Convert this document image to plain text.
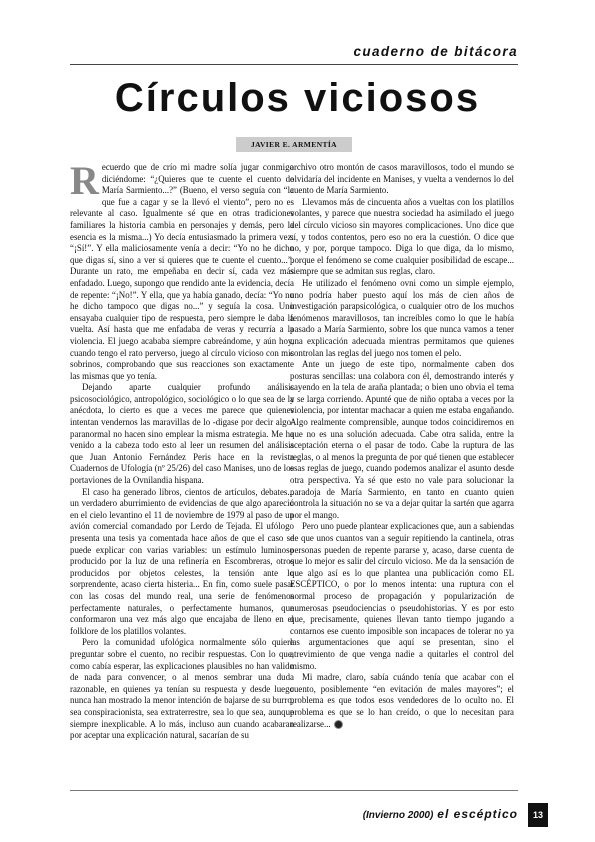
cuaderno de bitácora
Círculos viciosos
JAVIER E. ARMENTÍA

Recuerdo que de crío mi madre solía jugar conmigo diciéndome: “¿Quieres que te cuente el cuento de María Sarmiento...?” (Bueno, el verso seguía con “la que fue a cagar y se la llevó el viento”, pero no es relevante al caso. Igualmente sé que en otras tradiciones familiares la historia cambia en personajes y demás, pero la esencia es la misma...) Yo decía entusiasmado la primera vez: “¡Sí!”. Y ella maliciosamente venía a decir: “Yo no he dicho que digas sí, sino a ver si quieres que te cuente el cuento...”. Durante un rato, me empeñaba en decir sí, cada vez más enfadado. Luego, supongo que rendido ante la evidencia, decía de repente: “¡No!”. Y ella, que ya había ganado, decía: “Yo no he dicho tampoco que digas no...” y seguía la cosa. Uno ensayaba cualquier tipo de respuesta, pero siempre le daba la vuelta. Así hasta que me enfadaba de veras y recurría a la violencia. El juego acababa siempre cabreándome, y aún hoy, cuando tengo el rato perverso, juego al círculo vicioso con mis sobrinos, comprobando que sus reacciones son exactamente las mismas que yo tenía.

Dejando aparte cualquier profundo análisis psicosociológico, antropológico, sociológico o lo que sea de la anécdota, lo cierto es que a veces me parece que quienes intentan vendernos las maravillas de lo -digase por decir algo- paranormal no hacen sino emplear la misma estrategia. Me ha venido a la cabeza todo esto al leer un resumen del análisis que Juan Antonio Fernández Peris hace en la revista Cuadernos de Ufología (nº 25/26) del caso Manises, uno de los portaviones de la Ovnilandia hispana.

El caso ha generado libros, cientos de artículos, debates... un verdadero aburrimiento de evidencias de que algo apareció en el cielo levantino el 11 de noviembre de 1979 al paso de un avión comercial comandado por Lerdo de Tejada. El ufólogo presenta una tesis ya comentada hace años de que el caso se puede explicar con varias variables: un estímulo luminoso producido por la luz de una refinería en Escombreras, otros producidos por objetos celestes, la tensión ante lo sorprendente, acaso cierta histeria... En fin, como suele pasar con las cosas del mundo real, una serie de fenómenos perfectamente naturales, o perfectamente humanos, que conformaron una vez más algo que encajaba de lleno en el folklore de los platillos volantes.

Pero la comunidad ufológica normalmente sólo quiere preguntar sobre el cuento, no recibir respuestas. Con lo que, como cabía esperar, las explicaciones plausibles no han valido de nada para convencer, o al menos sembrar una duda razonable, en quienes ya tenían su respuesta y desde luego nunca han mostrado la menor intención de bajarse de su burro, sea conspiracionista, sea extraterrestre, sea lo que sea, aunque siempre inexplicable. A lo más, incluso aun cuando acabaran por aceptar una explicación natural, sacarían de su

archivo otro montón de casos maravillosos, todo el mundo se olvidaría del incidente en Manises, y vuelta a vendernos lo del cuento de María Sarmiento.

Llevamos más de cincuenta años a vueltas con los platillos volantes, y parece que nuestra sociedad ha asimilado el juego del círculo vicioso sin mayores complicaciones. Uno dice que sí, y todos contentos, pero eso no era la cuestión. O dice que no, y por, porque tampoco. Diga lo que diga, da lo mismo, porque el fenómeno se come cualquier posibilidad de escape... siempre que se admitan sus reglas, claro.

He utilizado el fenómeno ovni como un simple ejemplo, uno podría haber puesto aquí los más de cien años de investigación parapsicológica, o cualquier otro de los muchos fenómenos maravillosos, tan increíbles como lo que le había pasado a María Sarmiento, sobre los que nunca vamos a tener una explicación adecuada mientras permitamos que quienes controlan las reglas del juego nos tomen el pelo.

Ante un juego de este tipo, normalmente caben dos posturas sencillas: una colabora con él, demostrando interés y cayendo en la tela de araña plantada; o bien uno obvia el tema y se larga corriendo. Apunté que de niño optaba a veces por la violencia, por intentar machacar a quien me estaba engañando. Algo realmente comprensible, aunque todos coincidiremos en que no es una solución adecuada. Cabe otra salida, entre la aceptación eterna o el pasar de todo. Cabe la ruptura de las reglas, o al menos la pregunta de por qué tienen que establecer esas reglas de juego, cuando podemos analizar el asunto desde otra perspectiva. Ya sé que esto no vale para solucionar la paradoja de María Sarmiento, en tanto en cuanto quien controla la situación no se va a dejar quitar la sartén que agarra por el mango.

Pero uno puede plantear explicaciones que, aun a sabiendas de que unos cuantos van a seguir repitiendo la cantinela, otras personas pueden de repente pararse y, acaso, darse cuenta de que lo mejor es salir del círculo vicioso. Me da la sensación de que algo así es lo que plantea una publicación como EL ESCÉPTICO, o por lo menos intenta: una ruptura con el normal proceso de propagación y popularización de numerosas pseudociencias o pseudohistorias. Y es por esto que, precisamente, quienes llevan tanto tiempo jugando a contarnos ese cuento imposible son incapaces de tolerar no ya las argumentaciones que aquí se presentan, sino el atrevimiento de que venga nadie a quitarles el control del mismo.

Mi madre, claro, sabía cuándo tenía que acabar con el cuento, posiblemente “en evitación de males mayores”; el problema es que todos esos vendedores de lo oculto no. El problema es que se lo han creído, o que lo necesitan para realizarse...

(Invierno 2000) el escéptico	13
